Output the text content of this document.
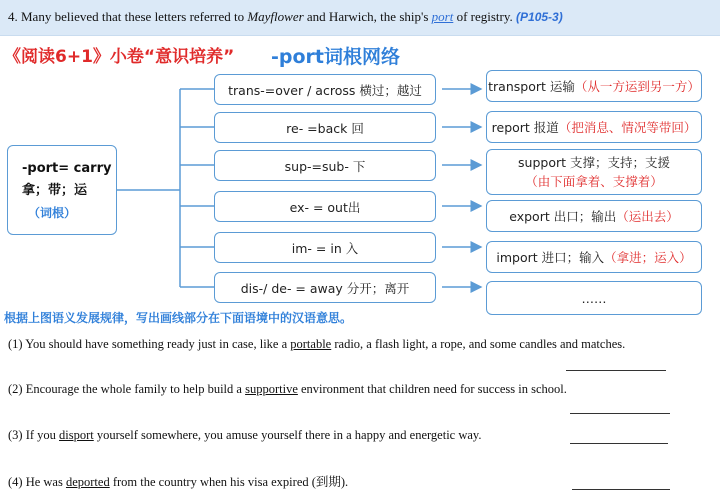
4. Many believed that these letters referred to Mayflower and Harwich, the ship's port of registry. (P105-3)
《阅读6+1》小卷“意识培养” -port词根网络
-port= carry
拿；带；运
（词根）
trans-=over / across 横过；越过
re- =back 回
sup-=sub- 下
ex- = out出
im- = in 入
dis-/ de- = away 分开；离开
transport 运输 （从一方运到另一方）
report 报道 （把消息、情况等带回）
support 支撑；支持；支援
（由下面拿着、支撑着）
export 出口；输出 （运出去）
import 进口；输入 （拿进；运入）
……
根据上图语义发展规律，写出画线部分在下面语境中的汉语意思。
(1) You should have something ready just in case, like a portable radio, a flash light, a rope, and some candles and matches.
(2) Encourage the whole family to help build a supportive environment that children need for success in school.
(3) If you disport yourself somewhere, you amuse yourself there in a happy and energetic way.
(4) He was deported from the country when his visa expired (到期).
